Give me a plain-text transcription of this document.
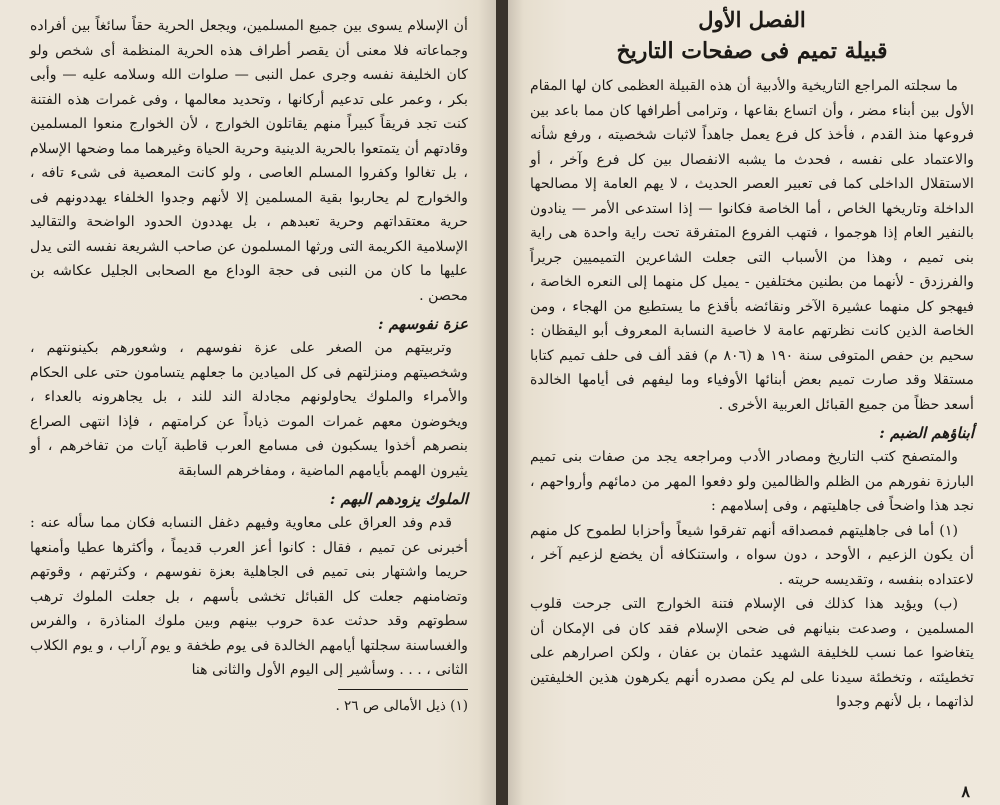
أن الإسلام يسوى بين جميع المسلمين، ويجعل الحرية حقاً سائغاً بين أفراده وجماعاته فلا معنى أن يقصر أطراف هذه الحرية المنظمة أى شخص ولو كان الخليفة نفسه وجرى عمل النبى — صلوات الله وسلامه عليه — وأبى بكر ، وعمر على تدعيم أركانها ، وتحديد معالمها ، وفى غمرات هذه الفتنة كنت تجد فريقاً كبيراً منهم يقاتلون الخوارج ، لأن الخوارج منعوا المسلمين وقادتهم أن يتمتعوا بالحرية الدينية وحرية الحياة وغيرهما مما وضحها الإسلام ، بل تغالوا وكفروا المسلم العاصى ، ولو كانت المعصية فى شىء تافه ، والخوارج لم يحاربوا بقية المسلمين إلا لأنهم وجدوا الخلفاء يهددونهم فى حرية معتقداتهم وحرية تعبدهم ، بل يهددون الحدود الواضحة والتقاليد الإسلامية الكريمة التى ورثها المسلمون عن صاحب الشريعة نفسه التى يدل عليها ما كان من النبى فى حجة الوداع مع الصحابى الجليل عكاشه بن محصن .

عزة نفوسهم :

وتربيتهم من الصغر على عزة نفوسهم ، وشعورهم بكينونتهم ، وشخصيتهم ومنزلتهم فى كل الميادين ما جعلهم يتسامون حتى على الحكام والأمراء والملوك يحاولونهم مجادلة الند للند ، بل يجاهرونه بالعداء ، ويخوضون معهم غمرات الموت ذياداً عن كرامتهم ، فإذا انتهى الصراع بنصرهم أخذوا يسكبون فى مسامع العرب قاطبة آيات من تفاخرهم ، أو يثيرون الهمم بأيامهم الماضية ، ومفاخرهم السابقة

الملوك يزودهم البهم :

قدم وفد العراق على معاوية وفيهم دغفل النسابه فكان مما سأله عنه : أخبرنى عن تميم ، فقال : كانوا أعز العرب قديماً ، وأكثرها عطيا وأمنعها حريما واشتهار بنى تميم فى الجاهلية بعزة نفوسهم ، وكثرتهم ، وقوتهم وتضامنهم جعلت كل القبائل تخشى بأسهم ، بل جعلت الملوك ترهب سطوتهم وقد حدثت عدة حروب بينهم وبين ملوك المناذرة ، والفرس والغساسنة سجلتها أيامهم الخالدة فى يوم طخفة و يوم آراب ، و يوم الكلاب الثانى ، . . . وسأشير إلى اليوم الأول والثانى هنا

(١) ذيل الأمالى ص ٢٦ .

الفصل الأول
قبيلة تميم فى صفحات التاريخ

ما سجلته المراجع التاريخية والأدبية أن هذه القبيلة العظمى كان لها المقام الأول بين أبناء مضر ، وأن اتساع بقاعها ، وترامى أطرافها كان مما باعد بين فروعها منذ القدم ، فأخذ كل فرع يعمل جاهداً لاثبات شخصيته ، ورفع شأنه والاعتماد على نفسه ، فحدث ما يشبه الانفصال بين كل فرع وآخر ، أو الاستقلال الداخلى كما فى تعبير العصر الحديث ، لا يهم العامة إلا مصالحها الداخلة وتاريخها الخاص ، أما الخاصة فكانوا — إذا استدعى الأمر — ينادون بالنفير العام إذا هوجموا ، فتهب الفروع المتفرقة تحت راية واحدة هى راية بنى تميم ، وهذا من الأسباب التى جعلت الشاعرين التميميين جريراً والفرزدق - لأنهما من بطنين مختلفين - يميل كل منهما إلى النعره الخاصة ، فيهجو كل منهما عشيرة الآخر ونقائضه بأقذع ما يستطيع من الهجاء ، ومن الخاصة الذين كانت نظرتهم عامة لا خاصية النسابة المعروف أبو اليقظان : سحيم بن حفص المتوفى سنة ١٩٠ ﻫ (٨٠٦ م) فقد ألف فى حلف تميم كتابا مستقلا وقد صارت تميم بعض أبنائها الأوفياء وما ليفهم فى أيامها الخالدة أسعد حظاً من جميع القبائل العربية الأخرى .

أبناؤهم الضبم :

والمتصفح كتب التاريخ ومصادر الأدب ومراجعه يجد من صفات بنى تميم البارزة نفورهم من الظلم والظالمين ولو دفعوا المهر من دمائهم وأرواحهم ، نجد هذا واضحاً فى جاهليتهم ، وفى إسلامهم :

(١) أما فى جاهليتهم فمصداقه أنهم تفرقوا شيعاً وأحزابا لطموح كل منهم أن يكون الزعيم ، الأوحد ، دون سواه ، واستنكافه أن يخضع لزعيم آخر ، لاعتداده بنفسه ، وتقديسه حريته .

(ب) ويؤيد هذا كذلك فى الإسلام فتنة الخوارج التى جرحت قلوب المسلمين ، وصدعت بنيانهم فى ضحى الإسلام فقد كان فى الإمكان أن يتغاضوا عما نسب للخليفة الشهيد عثمان بن عفان ، ولكن اصرارهم على تخطيئته ، وتخطئة سيدنا على لم يكن مصدره أنهم يكرهون هذين الخليفتين لذاتهما ، بل لأنهم وجدوا

٨
